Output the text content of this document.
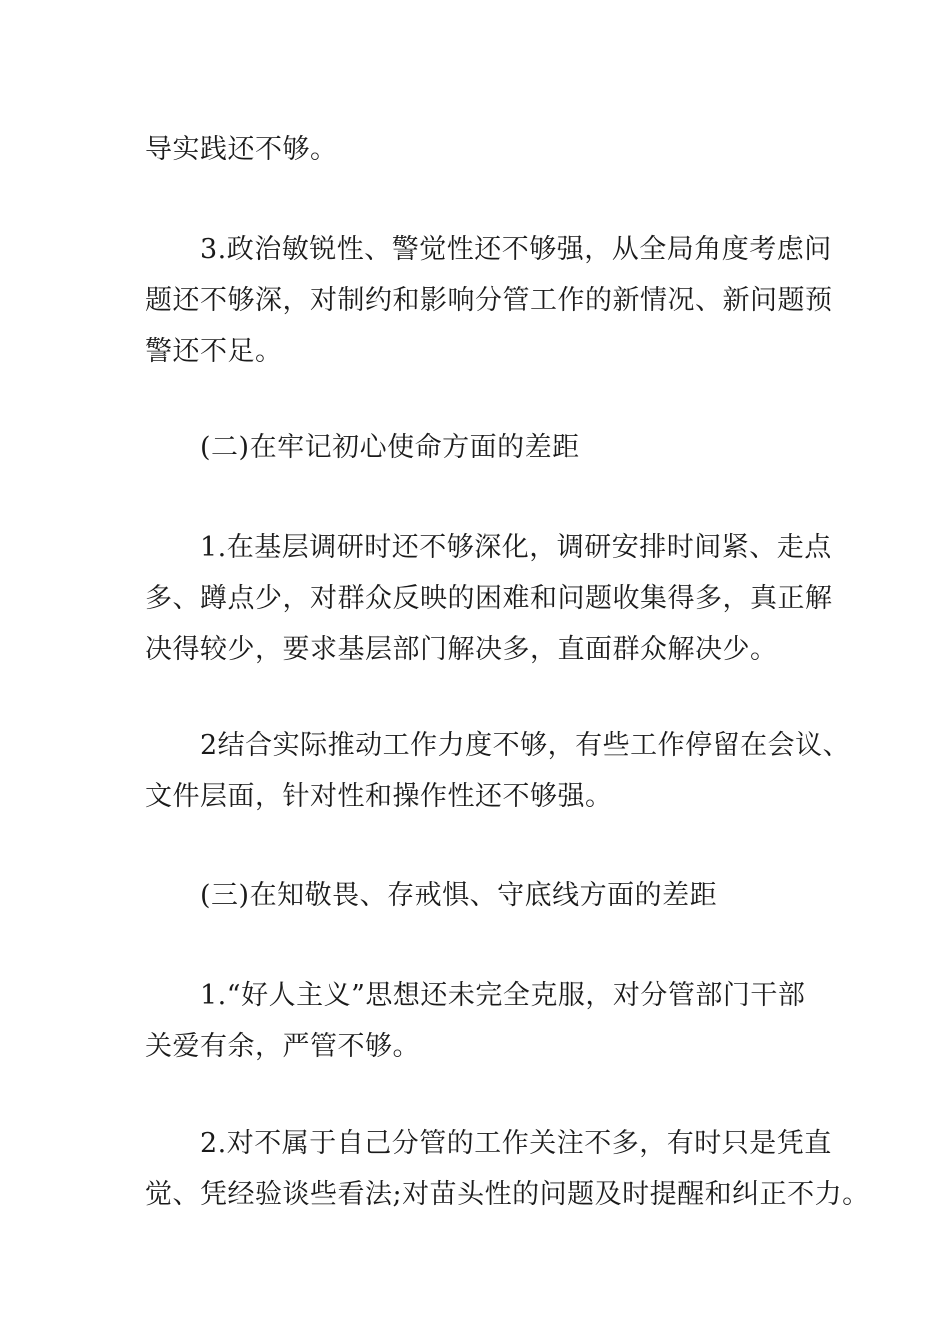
导实践还不够。

3.政治敏锐性、警觉性还不够强，从全局角度考虑问
题还不够深，对制约和影响分管工作的新情况、新问题预
警还不足。

(二)在牢记初心使命方面的差距

1.在基层调研时还不够深化，调研安排时间紧、走点
多、蹲点少，对群众反映的困难和问题收集得多，真正解
决得较少，要求基层部门解决多，直面群众解决少。

2结合实际推动工作力度不够，有些工作停留在会议、
文件层面，针对性和操作性还不够强。

(三)在知敬畏、存戒惧、守底线方面的差距

1.“好人主义”思想还未完全克服，对分管部门干部
关爱有余，严管不够。

2.对不属于自己分管的工作关注不多，有时只是凭直
觉、凭经验谈些看法;对苗头性的问题及时提醒和纠正不力。
